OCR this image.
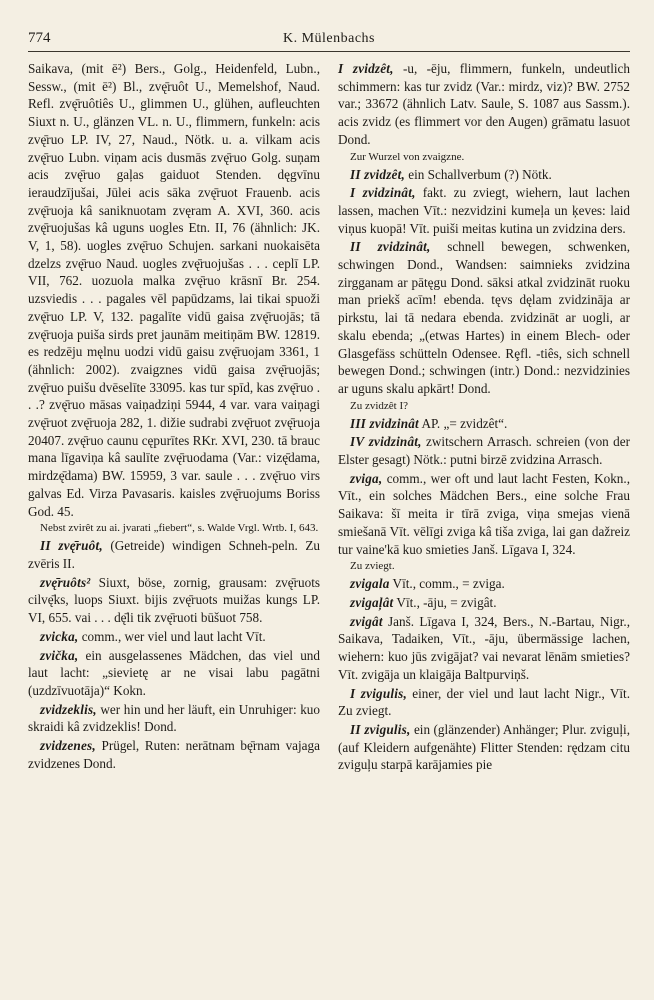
774	K. Mülenbachs

Saikava, (mit ē²) Bers., Golg., Heidenfeld, Lubn., Sessw., (mit ē²) Bl., zvę̄ruôt U., Memelshof, Naud. Refl. zvę̄ruôtiês U., glimmen U., glühen, aufleuchten Siuxt n. U., glänzen VL. n. U., flimmern, funkeln: acis zvę̄ruo LP. IV, 27, Naud., Nötk. u. a. vilkam acis zvę̄ruo Lubn. viņam acis dusmās zvę̄ruo Golg. suņam acis zvę̄ruo gaļas gaiduot Stenden. dęgvīnu ieraudzījušai, Jūlei acis sāka zvę̄ruot Frauenb. acis zvę̄ruoja kâ saniknuotam zvęram A. XVI, 360. acis zvę̄ruojušas kâ uguns uogles Etn. II, 76 (ähnlich: JK. V, 1, 58). uogles zvę̄ruo Schujen. sarkani nuokaisēta dzelzs zvę̄ruo Naud. uogles zvę̄ruojušas . . . ceplī LP. VII, 762. uozuola malka zvę̄ruo krāsnī Br. 254. uzsviedis . . . pagales vēl papūdzams, lai tikai spuoži zvę̄ruo LP. V, 132. pagalīte vidū gaisa zvę̄ruojās; tā zvę̄ruoja puiša sirds pret jaunām meitiņām BW. 12819. es redzēju męlnu uodzi vidū gaisu zvę̄ruojam 3361, 1 (ähnlich: 2002). zvaigznes vidū gaisa zvę̄ruojās; zvę̄ruo puišu dvēselīte 33095. kas tur spīd, kas zvę̄ruo . . .? zvę̄ruo māsas vaiņadziņi 5944, 4 var. vara vaiņagi zvę̄ruot zvę̄ruoja 282, 1. dižie sudrabi zvę̄ruot zvę̄ruoja 20407. zvę̄ruo caunu cępurītes RKr. XVI, 230. tā brauc mana līgaviņa kâ saulīte zvę̄ruodama (Var.: vizę̄dama, mirdzę̄dama) BW. 15959, 3 var. saule . . . zvę̄ruo virs galvas Ed. Virza Pavasaris. kaisles zvę̄ruojums Boriss God. 45.

Nebst zvirêt zu ai. jvarati „fiebert“, s. Walde Vrgl. Wrtb. I, 643.

II zvę̄ruôt, (Getreide) windigen Schneh-peln. Zu zvēris II.

zvę̄ruôts² Siuxt, böse, zornig, grausam: zvę̄ruots cilvę̄ks, luops Siuxt. bijis zvę̄ruots muižas kungs LP. VI, 655. vai . . . dę̄li tik zvę̄ruoti būšuot 758.

zvicka, comm., wer viel und laut lacht Vīt.

zvička, ein ausgelassenes Mädchen, das viel und laut lacht: „sievietę ar ne visai labu pagātni (uzdzīvuotāja)“ Kokn.

zvidzeklis, wer hin und her läuft, ein Unruhiger: kuo skraidi kâ zvidzeklis! Dond.

zvidzenes, Prügel, Ruten: nerātnam bę̄rnam vajaga zvidzenes Dond.

I zvidzêt, -u, -ēju, flimmern, funkeln, undeutlich schimmern: kas tur zvidz (Var.: mirdz, viz)? BW. 2752 var.; 33672 (ähnlich Latv. Saule, S. 1087 aus Sassm.). acis zvidz (es flimmert vor den Augen) grāmatu lasuot Dond.

Zur Wurzel von zvaigzne.

II zvidzêt, ein Schallverbum (?) Nötk.

I zvidzinât, fakt. zu zviegt, wiehern, laut lachen lassen, machen Vīt.: nezvidzini kumeļa un ķeves: laid viņus kuopā! Vīt. puiši meitas kutina un zvidzina ders.

II zvidzinât, schnell bewegen, schwenken, schwingen Dond., Wandsen: saimnieks zvidzina zirgganam ar pātęgu Dond. sāksi atkal zvidzināt ruoku man priekš acīm! ebenda. tęvs dęlam zvidzināja ar pirkstu, lai tā nedara ebenda. zvidzināt ar uogli, ar skalu ebenda; „(etwas Hartes) in einem Blech- oder Glasgefäss schütteln Odensee. Rȩfl. -tiês, sich schnell bewegen Dond.; schwingen (intr.) Dond.: nezvidzinies ar uguns skalu apkārt! Dond.

Zu zvidzêt I?

III zvidzinât AP. „= zvidzêt“.

IV zvidzinât, zwitschern Arrasch. schreien (von der Elster gesagt) Nötk.: putni birzē zvidzina Arrasch.

zviga, comm., wer oft und laut lacht Festen, Kokn., Vīt., ein solches Mädchen Bers., eine solche Frau Saikava: šī meita ir tīrā zviga, viņa smejas vienā smiešanā Vīt. vēlīgi zviga kâ tiša zviga, lai gan dažreiz tur vaine'kā kuo smieties Janš. Līgava I, 324.

Zu zviegt.

zvigala Vīt., comm., = zviga.

zvigaļât Vīt., -āju, = zvigât.

zvigât Janš. Līgava I, 324, Bers., N.-Bartau, Nigr., Saikava, Tadaiken, Vīt., -āju, übermässige lachen, wiehern: kuo jūs zvigājat? vai nevarat lēnām smieties? Vīt. zvigāja un klaigāja Baltpurviņš.

I zvigulis, einer, der viel und laut lacht Nigr., Vīt. Zu zviegt.

II zvigulis, ein (glänzender) Anhänger; Plur. zviguļi, (auf Kleidern aufgenähte) Flitter Stenden: rędzam citu zviguļu starpā karājamies pie
